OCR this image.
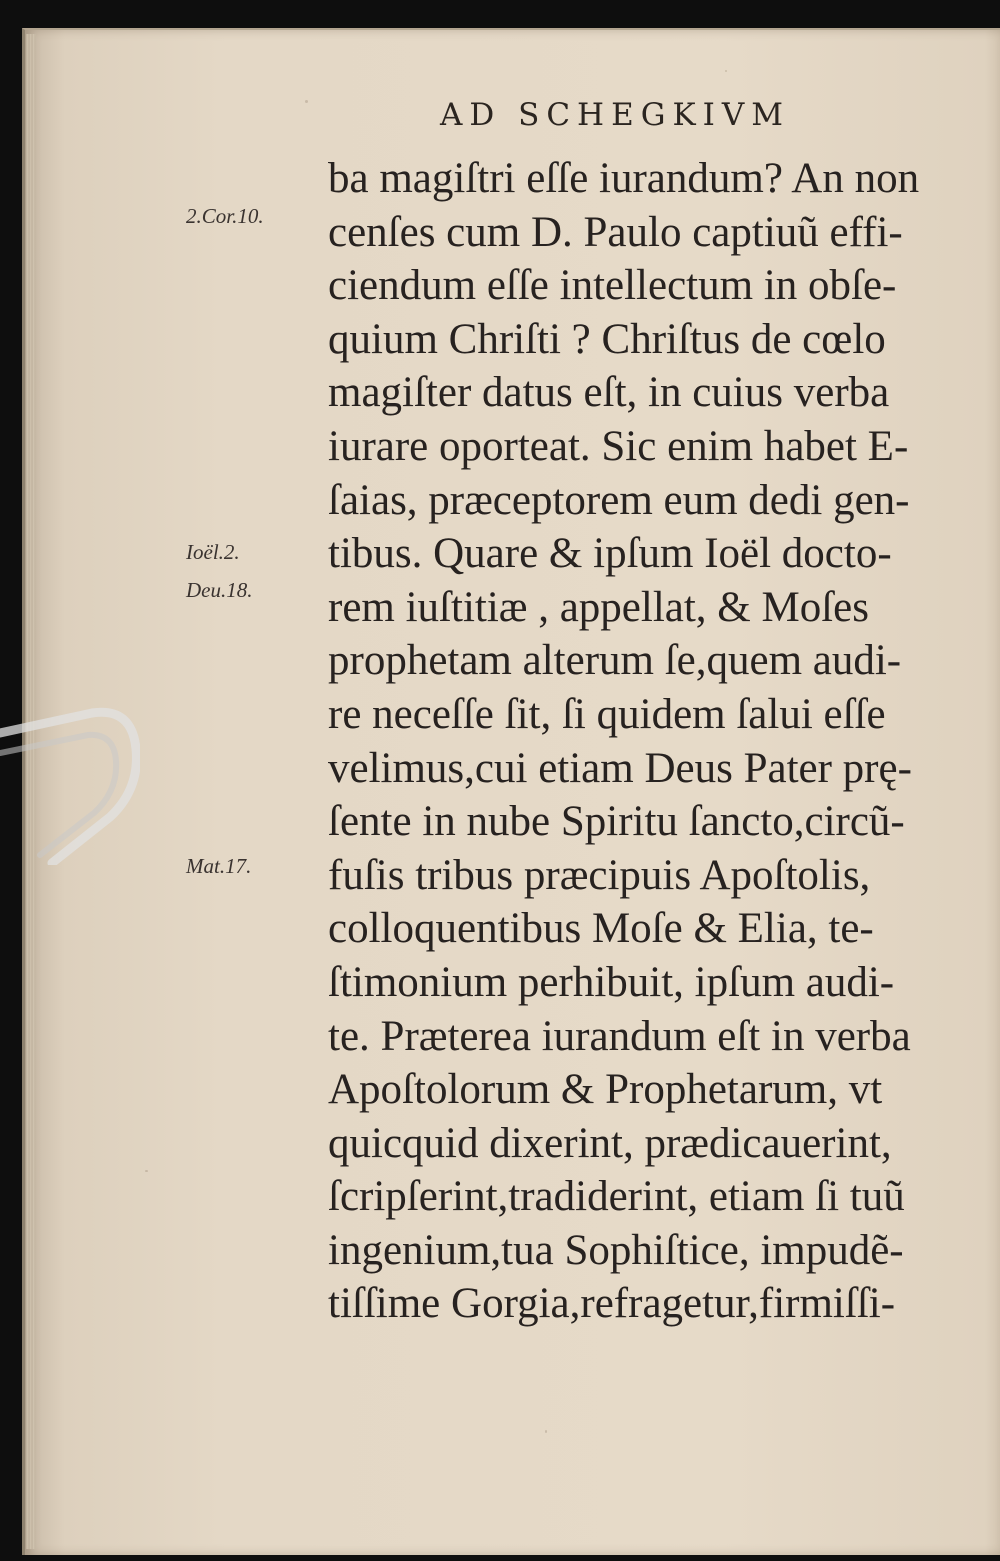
AD SCHEGKIVM
2.Cor.10.
Ioël.2.
Deu.18.
Mat.17.
ba magiſtri eſſe iurandum? An non
cenſes cum D. Paulo captiuũ effi-
ciendum eſſe intellectum in obſe-
quium Chriſti ? Chriſtus de cœlo
magiſter datus eſt, in cuius verba
iurare oporteat. Sic enim habet E-
ſaias, præceptorem eum dedi gen-
tibus. Quare & ipſum Ioël docto-
rem iuſtitiæ , appellat, & Moſes
prophetam alterum ſe,quem audi-
re neceſſe ſit, ſi quidem ſalui eſſe
velimus,cui etiam Deus Pater prę-
ſente in nube Spiritu ſancto,circũ-
fuſis tribus præcipuis Apoſtolis,
colloquentibus Moſe & Elia, te-
ſtimonium perhibuit, ipſum audi-
te. Præterea iurandum eſt in verba
Apoſtolorum & Prophetarum, vt
quicquid dixerint, prædicauerint,
ſcripſerint,tradiderint, etiam ſi tuũ
ingenium,tua Sophiſtice, impudẽ-
tiſſime Gorgia,refragetur,firmiſſi-
